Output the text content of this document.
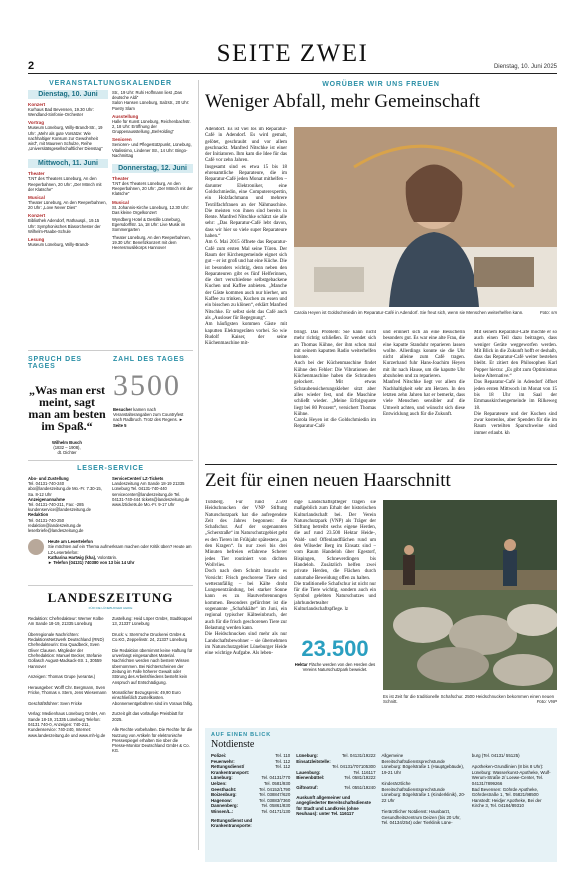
SEITE ZWEI
2	Dienstag, 10. Juni 2025
VERANSTALTUNGSKALENDER
Dienstag, 10. Juni
Konzert
Kurhaus Bad Bevensen, 19.30 Uhr: Wendland-Sinfonie-Orchester
Vortrag
Museum Lüneburg, Willy-Brandt-Str., 19 Uhr: „Mehr als gute Vorsätze: Wie nachhaltiger Konsum zur Gewohnheit wird“, mit Maureen Schulze, Reihe „Universitätsgesellschaftlicher Dienstag“
Mittwoch, 11. Juni
Theater
T.NT des Theaters Lüneburg, An den Reeperbahnen, 20 Uhr: „Der Mönch mit der Klatsche“
Musical
Theater Lüneburg, An den Reeperbahnen, 20 Uhr: „Love Never Dies“
Konzert
Bibliothek Adendorf, Rathauspl., 19.15 Uhr: Symphonisches Blasorchester der Wilhelm-Raabe-Schule
Lesung
Museum Lüneburg, Willy-Brandt-
Str., 19 Uhr: Ruhi Hoffmann liest „Das deutsche Aldi“
Salon Hansen Lüneburg, Salzstr., 20 Uhr: Poetry Slam
Ausstellung
Halle für Kunst Lüneburg, Reichenbachstr. 2, 18 Uhr: Eröffnung der Gruppenausstellung „Be/Holding“
Senioren
Senioren- und Pflegestützpunkt, Lüneburg, Vitalissimo, Lindener Str., 14 Uhr: Bingo-Nachmittag
Donnerstag, 12. Juni
Theater
T.NT des Theaters Lüneburg, An den Reeperbahnen, 20 Uhr: „Der Mönch mit der Klatsche“
Musical
St. Johannis-Kirche Lüneburg, 12.30 Uhr: Das kleine Orgelkonzert
Wyndberg Hotel & Destille Lüneburg, Egersdorffstr. 1a, 18 Uhr: Live Musik im Sommergarten
Theater Lüneburg, An den Reeperbahnen, 19.30 Uhr: Benefizkonzert mit dem Heeresmusikkorps Hannover
SPRUCH DES TAGES
„Was man erst meint, sagt man am besten im Spaß.“
Wilhelm Busch
(1832 – 1908),
dt. Dichter
ZAHL DES TAGES
3500
Besucher kamen nach Veranstalterangaben zum Countryfest nach Radbruch. Trotz des Regens. ► Seite 5
LESER-SERVICE
Abo- und Zustellung
Tel. 04131-740-240 abo@landeszeitung.de Mo.-Fr. 7.30-15, Sa. 8-12 Uhr
Anzeigenannahme
Tel. 04131-740-211, Fax: -285 kundenservice@landeszeitung.de
Redaktion
Tel. 04131-740-250 redaktion@landeszeitung.de leserbriefe@landeszeitung.de
ServiceCenter/ LZ-Tickets
Landeszeitung Am Sande 18-19 21335 Lüneburg Tel. 04131-740-440 servicecenter@landeszeitung.de Tel. 04131-740-444 tickets@landeszeitung.de www.lztickets.de Mo.-Fr. 9-17 Uhr
Heute am Lesertelefon
Sie möchten auf ein Thema aufmerksam machen oder Kritik üben? Heute am LZ-Lesertelefon:
Katharina Hartwig (kha), Volontärin.
► Telefon (04131) 740380 von 13 bis 14 Uhr
LANDESZEITUNG
FÜR DIE LÜNEBURGER HEIDE
Redaktion: Chefredakteur: Werner Kolbe Am Sande 18-19, 21335 Lüneburg

Überregionale Nachrichten: RedaktionsNetzwerk Deutschland (RND) Chefredakteurin: Eva Quadbeck, Sven Oliver Clausen. Mitglieder der Chefredaktion: Manuel Becker, Stefanie Gollasch August-Madsack-Str. 1, 30559 Hannover

Anzeigen: Thomas Grupe (verantw.)

Herausgeber: Wolff Chr. Bergmann, Sven Fricke, Thomas v. Stern, Jens Wiesemann

Geschäftsführer: Sven Fricke

Verlag: Medienhaus Lüneburg GmbH, Am Sande 18-19, 21335 Lüneburg Telefon: 04131 740-0, Anzeigen: 740-211, Kundenservice: 740-240, Internet: www.landeszeitung.de und www.mh-lg.de
Zustellung: Heid Löper GmbH, Stadtkoppel 13, 21337 Lüneburg

Druck: v. Stern'sche Druckerei GmbH & Co.KG, Zeppelinstr. 24, 21337 Lüneburg

Die Redaktion übernimmt keine Haftung für unverlangt eingesandtes Material. Nachrichten werden nach bestem Wissen übernommen. Bei Nichterscheinen der Zeitung im Falle höherer Gewalt oder Störung des Arbeitsfriedens besteht kein Anspruch auf Entschädigung.

Monatlicher Bezugspreis: 49,90 Euro einschließlich Zustellkosten. Abonnementgebühren sind im Voraus fällig.

Zurzeit gilt das vorläufige Preisblatt für 2025.

Alle Rechte vorbehalten. Die Rechte für die Nutzung von Artikeln für elektronische Pressespiegel erhalten Sie über die Presse-Monitor Deutschland GmbH & Co. KG.
WORÜBER WIR UNS FREUEN
Weniger Abfall, mehr Gemeinschaft
Adendorf. Es ist viel los im Reparatur-Café in Adendorf. Es wird gemalt, gelötet, geschraubt und vor allem geschnackt. Manfred Nitschke ist einer der Initiatoren. Ihm kam die Idee für das Café vor zehn Jahren.
Insgesamt sind es etwa 15 bis 18 ehrenamtliche Reparateure, die im Reparatur-Café jeden Monat mithelfen – darunter Elektroniker, eine Goldschmiedin, eine Computerexpertin, ein Holzfachmann und mehrere Textilfachfrauen an der Nähmaschine. Die meisten von ihnen sind bereits in Rente. Manfred Nitschke schätzt sie alle sehr: „Das Reparatur-Café lebt davon, dass wir hier so viele super Reparateure haben.“
Am 6. Mai 2015 öffnete das Reparatur-Café zum ersten Mal seine Türen. Der Raum der Kirchengemeinde eignet sich gut – er ist groß und hat eine Küche. Die ist besonders wichtig, denn neben den Reparateuren gibt es fünf Helferinnen, die dort verschiedene selbstgebackene Kuchen und Kaffee anbieten. „Manche der Gäste kommen auch nur hierher, um Kaffee zu trinken, Kuchen zu essen und ein bisschen zu klönen“, erklärt Manfred Nitschke. Er selbst sieht das Café auch als „Ausloser für Begegnung“.
Am häufigsten kommen Gäste mit kaputten Elektrogeräten vorbei. So wie Rudolf Kaiser, der seine Küchenmaschine mit-
Carola Heyen ist Goldschmiedin im Reparatur-Café in Adendorf. Sie freut sich, wenn sie Menschen weiterhelfen kann.	Foto: sm
bringt. Das Problem: Sie kann nicht mehr richtig schließen. Er wendet sich an Thomas Kühne, der ihm schon mal mit seinem kaputten Radio weiterhelfen konnte.
Auch bei der Küchenmaschine findet Kühne den Fehler: Die Vibrationen der Küchenmaschine haben die Schrauben gelockert. Mit etwas Schraubensicherungskleber sitzt aber alles wieder fest, und die Maschine schließt wieder. „Meine Erfolgsquote liegt bei 80 Prozent“, versichert Thomas Kühne.
Carola Heyen ist die Goldschmiedin im Reparatur-Café
und erinnert sich an eine Besucherin besonders gut. Es war eine alte Frau, die eine kaputte Standuhr reparieren lassen wollte. Allerdings konnte sie die Uhr nicht alleine zum Café tragen. Kurzerhand fuhr Hans-Joachim Heyen mit ihr nach Hause, um die kaputte Uhr abzuholen und zu reparieren.
Manfred Nitschke liegt vor allem die Nachhaltigkeit sehr am Herzen. In den letzten zehn Jahren hat er bemerkt, dass viele Menschen sensibler auf die Umwelt achten, und wünscht sich diese Entwicklung auch für die Zukunft.
Mit seinem Reparatur-Café möchte er so auch einen Teil dazu beitragen, dass weniger Geräte weggeworfen werden. Mit Blick in die Zukunft hofft er deshalb, dass das Reparatur-Café weiter bestehen bleibt. Er zitiert den Philosophen Karl Popper hierzu: „Es gibt zum Optimismus keine Alternative.“
Das Reparatur-Café in Adendorf öffnet jeden ersten Mittwoch im Monat von 15 bis 18 Uhr im Saal der Emmauskirchengemeinde im Rilkeweg 18.
Die Reparateure und der Kuchen sind zwar kostenlos, aber Spenden für die im Raum verteilten Sparschweine sind immer erlaubt. kh
Zeit für einen neuen Haarschnitt
Tütsberg. Für rund 2.500 Heidschnucken der VNP Stiftung Naturschutzpark hat die aufregendste Zeit des Jahres begonnen: die Schafschur. Auf der sogenannten „Scherstraße“ im Naturschutzgebiet geht es den Tieren im Frühjahr spätestens „an den Kragen“. In nur zwei bis drei Minuten befreien erfahrene Scherer jedes Tier routiniert von dichten Wollvlies.
Doch nach dem Schnitt braucht es Vorsicht: Frisch geschorene Tiere sind wetteranfällig – bei Kälte droht Lungenentzündung, bei starker Sonne kann es zu Hautverbrennungen kommen. Besonders gefürchtet ist die sogenannte „Schafskälte“ im Juni, ein regional typischer Kälteeinbruch, der auch für die frisch geschorenen Tiere zur Belastung werden kann.
Die Heidschnucken sind mehr als nur Landschaftsbewohner – sie übernehmen im Naturschutzgebiet Lüneburger Heide eine wichtige Aufgabe. Als leben-
dige Landschaftspfleger tragen sie maßgeblich zum Erhalt der historischen Kulturlandschaft bei. Der Verein Naturschutzpark (VNP) als Träger der Stiftung betreibt sechs eigene Herden, die auf rund 23.500 Hektar Heide-, Wald- und Offenlandflächen rund um den Wilseder Berg im Einsatz sind – vom Raum Handeloh über Egestorf, Bispingen, Schneverdingen bis Handeloh. Zusätzlich helfen zwei private Herden, die Flächen durch naturnahe Beweidung offen zu halten.
Die traditionelle Schafschur ist nicht nur für die Tiere wichtig, sondern auch ein Symbol gelebten Naturschutzes und jahrhundertealter Kulturlandschaftspflege. lz
23.500
Hektar Fläche werden von den Herden des Vereins Naturschutzpark beweidet.
Es ist Zeit für die traditionelle Schafschur. 2500 Heidschnucken bekommen einen neuen Schnitt.	Foto: VNP
AUF EINEN BLICK
Notdienste
Polizei:	Tel. 110
Feuerwehr:	Tel. 112
Rettungsdienst/	Tel. 112
Krankentransport:
Lüneburg:	Tel. 04131/770
Uelzen:	Tel. 0581/930
Geesthacht:	Tel. 04152/1790
Boizenburg:	Tel. 038847/620
Hagenow:	Tel. 03883/7360
Dannenberg:	Tel. 05861/830
Winsen/L.:	Tel. 04171/130
Rettungsdienst und Krankentransporte:
Lüneburg:	Tel. 04131/19222
Einsatzleitstelle:
Tel. 04131/707105300
Lauenburg:	Tel. 116117
Bienenbüttel:	Tel. 0581/19222
Giftnotruf:	Tel. 0551/19240
Auskunft allgemeiner und angegliederter Bereitschaftsdienste für Stadt und Landkreis (ohne Neuhaus): unter Tel. 116117
Allgemeine Bereitschaftsdienstsprechstunde Lüneburg: Bögelstraße 1 (Hauptgebäude), 19-21 Uhr

Kinderärztliche Bereitschaftsdienstsprechstunde Lüneburg: Bögelstraße 1 (Kinderklinik), 20-22 Uhr

Tierärztlicher Notdienst: Hausbarzt, Gesundheitszentrum Deizen (bis 20 Uhr, Tel. 04134/254) oder Tierklinik Lüne-
burg (Tel. 04131/ 55125)

Apotheken-Grundlinien (8 bis 8 Uhr):
Lüneburg: Wasserkunst-Apotheke, Wulf-Werum-Straße 2/ Loewe-Center, Tel. 04131/7899266
Bad Bevensen: Göhrde Apotheke, Göhrdestraße 1, Tel. 05821/98500
Hanstedt: Heidjer Apotheke, Bei der Kirche 3, Tel. 04184/89310
